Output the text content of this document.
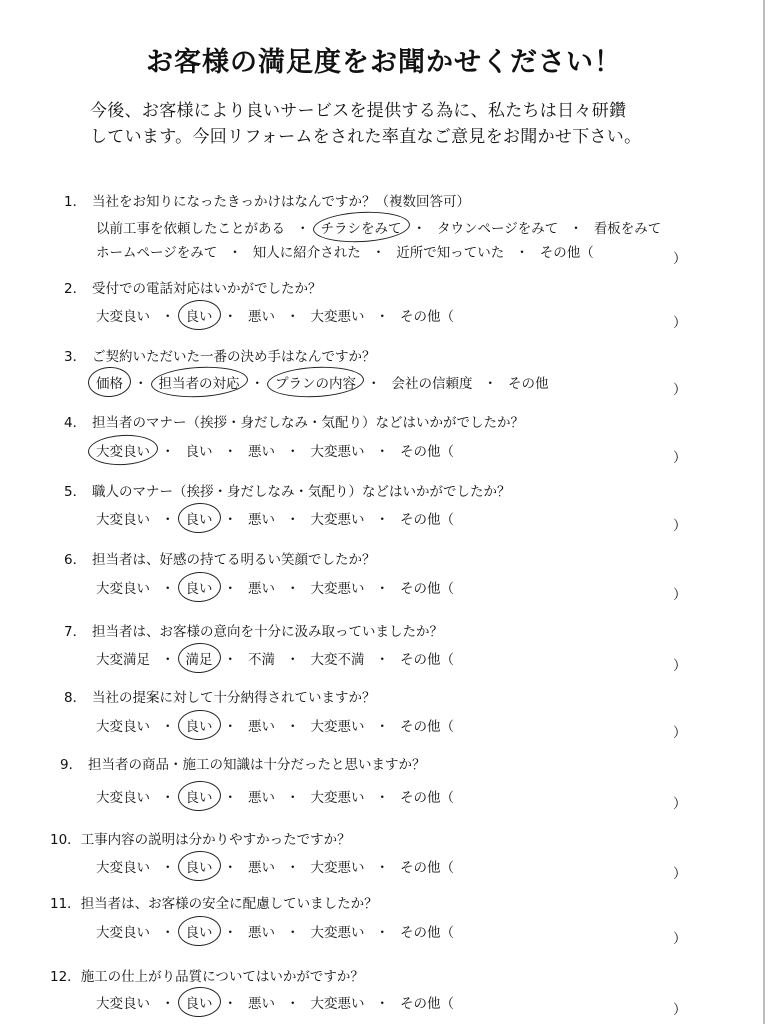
お客様の満足度をお聞かせください！
今後、お客様により良いサービスを提供する為に、私たちは日々研鑽
しています。今回リフォームをされた率直なご意見をお聞かせ下さい。
1． 当社をお知りになったきっかけはなんですか？（複数回答可）
以前工事を依頼したことがある ・ チラシをみて ・ タウンページをみて ・ 看板をみて
ホームページをみて ・ 知人に紹介された ・ 近所で知っていた ・ その他（	）
2． 受付での電話対応はいかがでしたか？
大変良い ・ 良い ・ 悪い ・ 大変悪い ・ その他（	）
3． ご契約いただいた一番の決め手はなんですか？
価格 ・ 担当者の対応 ・ プランの内容 ・ 会社の信頼度 ・ その他	）
4． 担当者のマナー（挨拶・身だしなみ・気配り）などはいかがでしたか？
大変良い ・ 良い ・ 悪い ・ 大変悪い ・ その他（	）
5． 職人のマナー（挨拶・身だしなみ・気配り）などはいかがでしたか？
大変良い ・ 良い ・ 悪い ・ 大変悪い ・ その他（	）
6． 担当者は、好感の持てる明るい笑顔でしたか？
大変良い ・ 良い ・ 悪い ・ 大変悪い ・ その他（	）
7． 担当者は、お客様の意向を十分に汲み取っていましたか？
大変満足 ・ 満足 ・ 不満 ・ 大変不満 ・ その他（	）
8． 当社の提案に対して十分納得されていますか？
大変良い ・ 良い ・ 悪い ・ 大変悪い ・ その他（	）
9． 担当者の商品・施工の知識は十分だったと思いますか？
大変良い ・ 良い ・ 悪い ・ 大変悪い ・ その他（	）
10．工事内容の説明は分かりやすかったですか？
大変良い ・ 良い ・ 悪い ・ 大変悪い ・ その他（	）
11．担当者は、お客様の安全に配慮していましたか？
大変良い ・ 良い ・ 悪い ・ 大変悪い ・ その他（	）
12．施工の仕上がり品質についてはいかがですか？
大変良い ・ 良い ・ 悪い ・ 大変悪い ・ その他（	）
